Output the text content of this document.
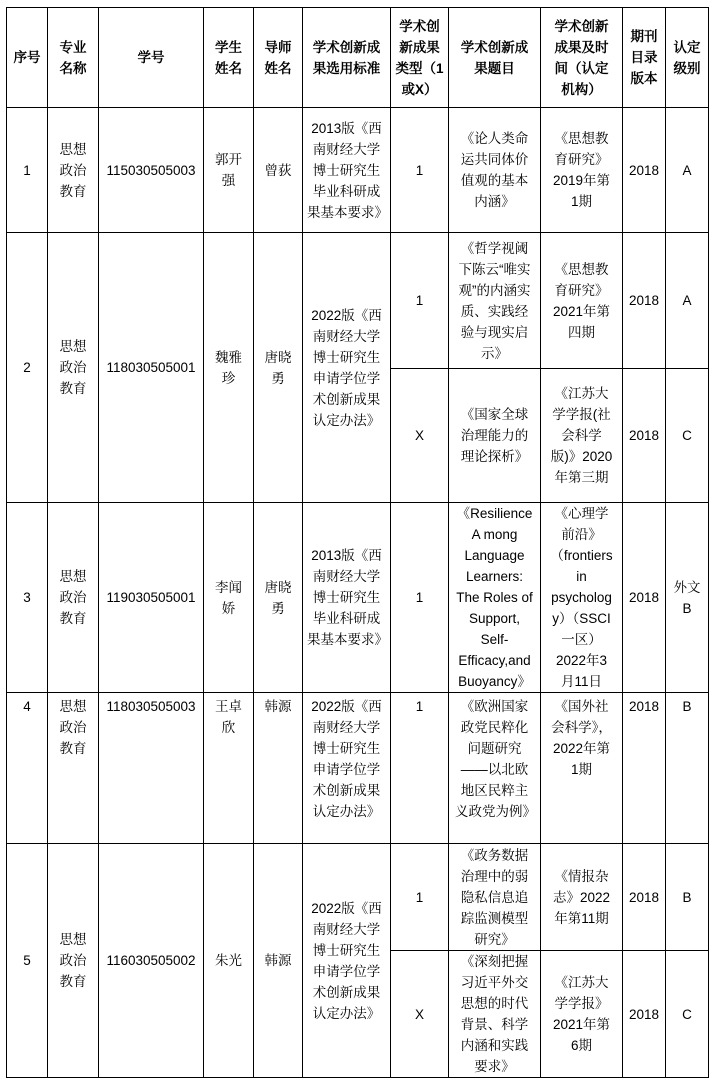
序号	专业名称	学号	学生姓名	导师姓名	学术创新成果选用标准	学术创新成果类型（1或X）	学术创新成果题目	学术创新成果及时间（认定机构）	期刊目录版本	认定级别
1	思想政治教育	115030505003	郭开强	曾荻	2013版《西南财经大学博士研究生毕业科研成果基本要求》	1	《论人类命运共同体价值观的基本内涵》	《思想教育研究》2019年第1期	2018	A
2	思想政治教育	118030505001	魏雅珍	唐晓勇	2022版《西南财经大学博士研究生申请学位学术创新成果认定办法》	1	《哲学视阈下陈云“唯实观”的内涵实质、实践经验与现实启示》	《思想教育研究》2021年第四期	2018	A
						X	《国家全球治理能力的理论探析》	《江苏大学学报(社会科学版)》2020年第三期	2018	C
3	思想政治教育	119030505001	李闻娇	唐晓勇	2013版《西南财经大学博士研究生毕业科研成果基本要求》	1	《Resilience A mong Language Learners: The Roles of Support, Self-Efficacy,and Buoyancy》	《心理学前沿》（frontiers in psychology）（SSCI一区）2022年3月11日	2018	外文B
4	思想政治教育	118030505003	王卓欣	韩源	2022版《西南财经大学博士研究生申请学位学术创新成果认定办法》	1	《欧洲国家政党民粹化问题研究——以北欧地区民粹主义政党为例》	《国外社会科学》，2022年第1期	2018	B
5	思想政治教育	116030505002	朱光	韩源	2022版《西南财经大学博士研究生申请学位学术创新成果认定办法》	1	《政务数据治理中的弱隐私信息追踪监测模型研究》	《情报杂志》2022年第11期	2018	B
						X	《深刻把握习近平外交思想的时代背景、科学内涵和实践要求》	《江苏大学学报》2021年第6期	2018	C
